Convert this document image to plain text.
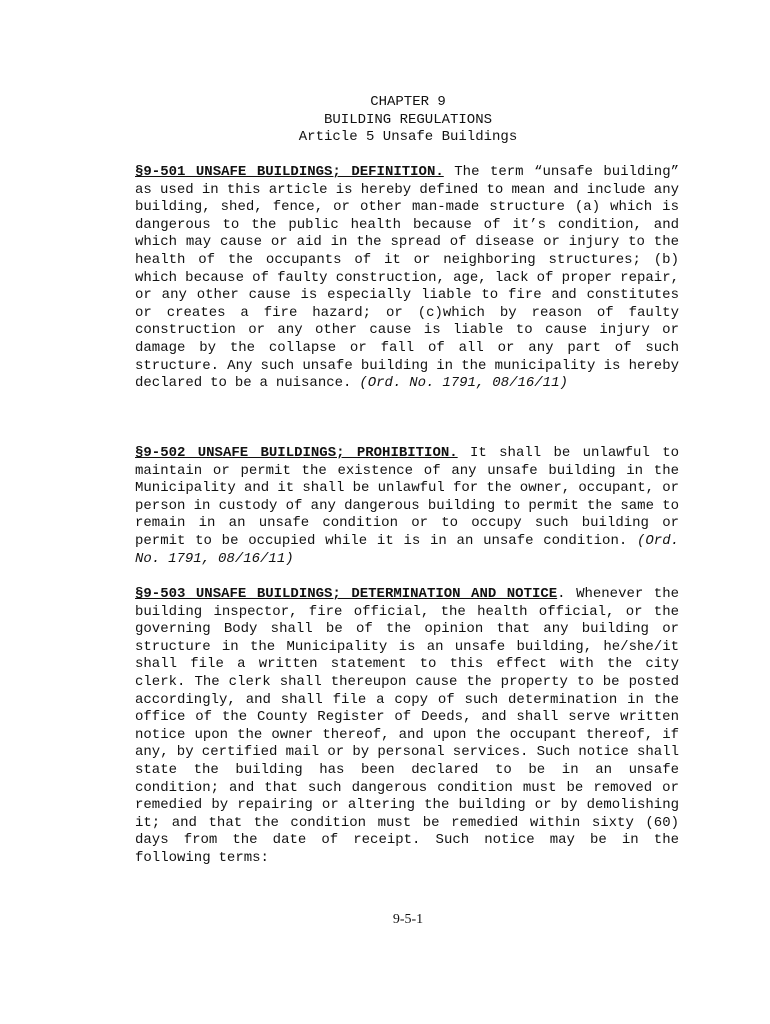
CHAPTER 9

BUILDING REGULATIONS

Article 5 Unsafe Buildings

§9-501 UNSAFE BUILDINGS; DEFINITION. The term “unsafe building” as used in this article is hereby defined to mean and include any building, shed, fence, or other man-made structure (a) which is dangerous to the public health because of it’s condition, and which may cause or aid in the spread of disease or injury to the health of the occupants of it or neighboring structures; (b) which because of faulty construction, age, lack of proper repair, or any other cause is especially liable to fire and constitutes or creates a fire hazard; or (c)which by reason of faulty construction or any other cause is liable to cause injury or damage by the collapse or fall of all or any part of such structure. Any such unsafe building in the municipality is hereby declared to be a nuisance. (Ord. No. 1791, 08/16/11)

§9-502 UNSAFE BUILDINGS; PROHIBITION. It shall be unlawful to maintain or permit the existence of any unsafe building in the Municipality and it shall be unlawful for the owner, occupant, or person in custody of any dangerous building to permit the same to remain in an unsafe condition or to occupy such building or permit to be occupied while it is in an unsafe condition. (Ord. No. 1791, 08/16/11)

§9-503 UNSAFE BUILDINGS; DETERMINATION AND NOTICE. Whenever the building inspector, fire official, the health official, or the governing Body shall be of the opinion that any building or structure in the Municipality is an unsafe building, he/she/it shall file a written statement to this effect with the city clerk. The clerk shall thereupon cause the property to be posted accordingly, and shall file a copy of such determination in the office of the County Register of Deeds, and shall serve written notice upon the owner thereof, and upon the occupant thereof, if any, by certified mail or by personal services. Such notice shall state the building has been declared to be in an unsafe condition; and that such dangerous condition must be removed or remedied by repairing or altering the building or by demolishing it; and that the condition must be remedied within sixty (60) days from the date of receipt. Such notice may be in the following terms:

9-5-1
